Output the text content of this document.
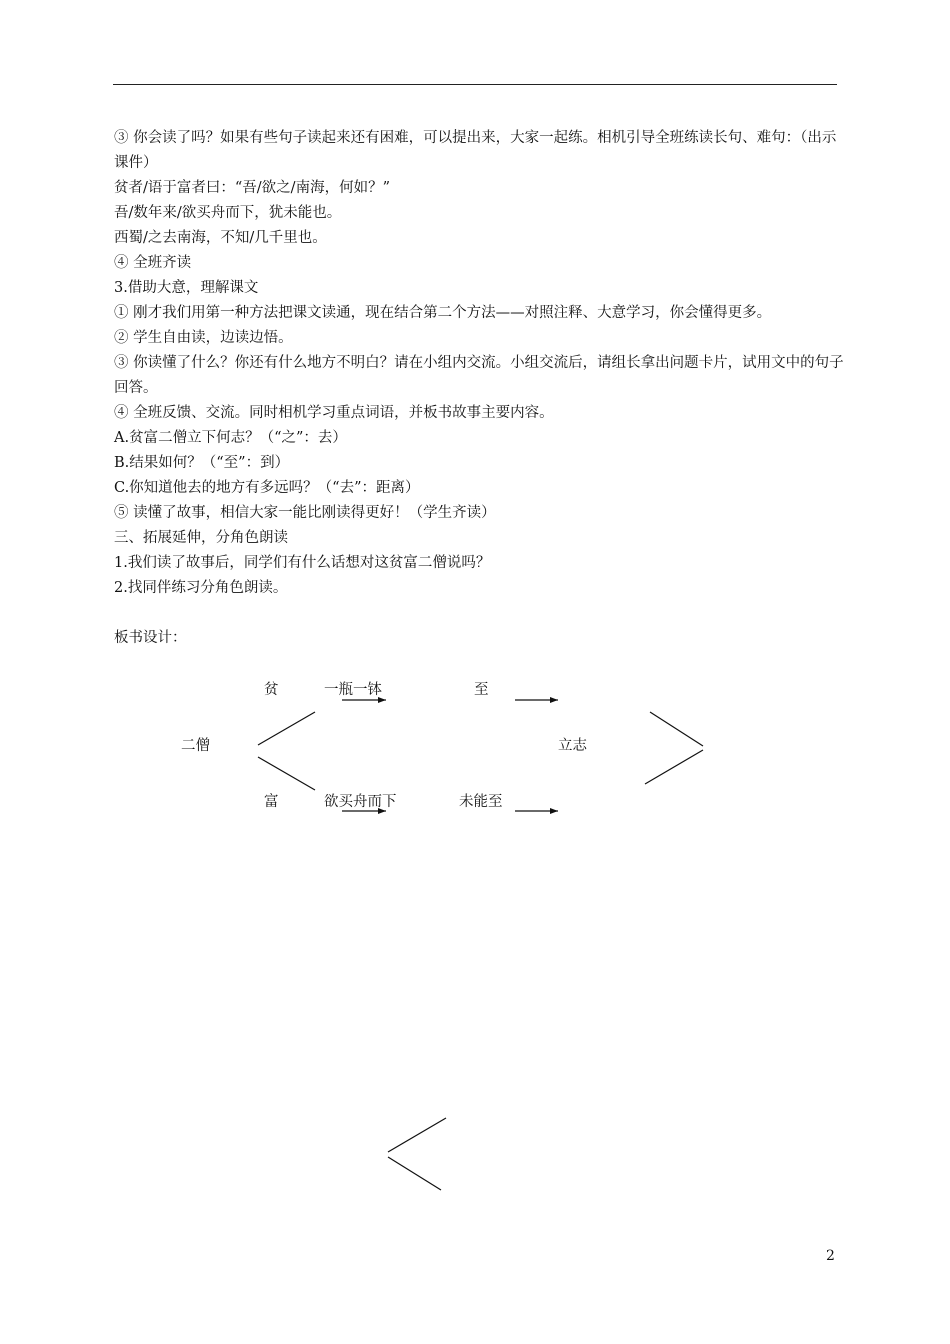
③ 你会读了吗？如果有些句子读起来还有困难，可以提出来，大家一起练。相机引导全班练读长句、难句：（出示课件）

贫者/语于富者曰：“吾/欲之/南海，何如？”

吾/数年来/欲买舟而下，犹未能也。

西蜀/之去南海，不知/几千里也。

④ 全班齐读

3.借助大意，理解课文

① 刚才我们用第一种方法把课文读通，现在结合第二个方法——对照注释、大意学习，你会懂得更多。

② 学生自由读，边读边悟。

③ 你读懂了什么？你还有什么地方不明白？请在小组内交流。小组交流后，请组长拿出问题卡片，试用文中的句子回答。

④ 全班反馈、交流。同时相机学习重点词语，并板书故事主要内容。

A.贫富二僧立下何志？（“之”：去）

B.结果如何？（“至”：到）

C.你知道他去的地方有多远吗？（“去”：距离）

⑤ 读懂了故事，相信大家一能比刚读得更好！（学生齐读）

三、拓展延伸，分角色朗读

1.我们读了故事后，同学们有什么话想对这贫富二僧说吗？

2.找同伴练习分角色朗读。

板书设计：

贫	一瓶一钵	至
二僧	立志
富	欲买舟而下	未能至
2
